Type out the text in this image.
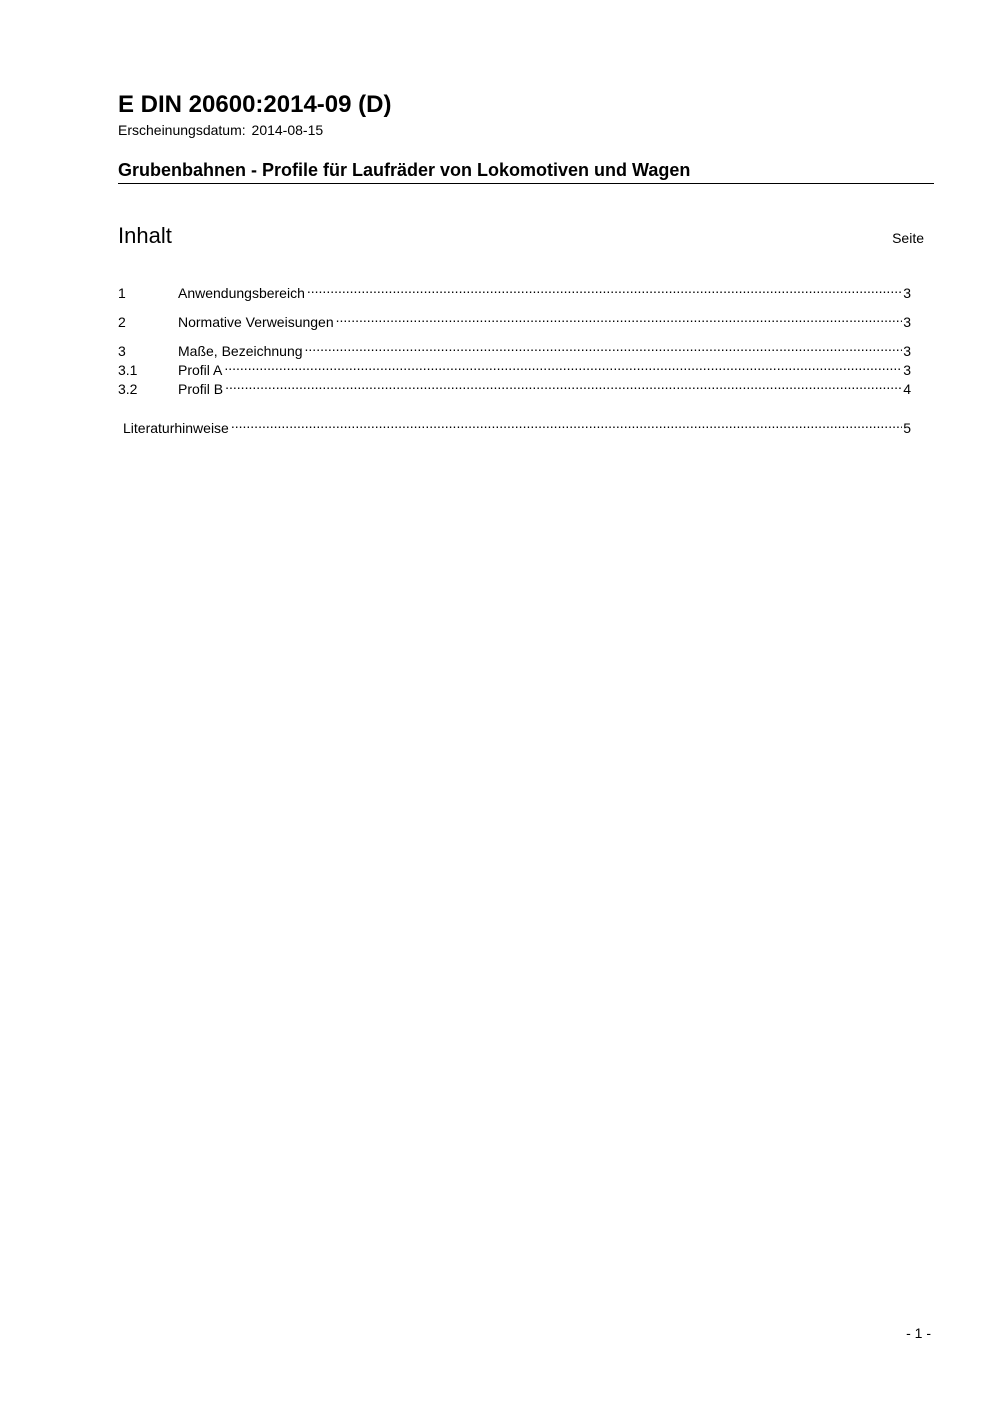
E DIN 20600:2014-09 (D)
Erscheinungsdatum: 2014-08-15
Grubenbahnen - Profile für Laufräder von Lokomotiven und Wagen
Inhalt	Seite
1	Anwendungsbereich .....	3
2	Normative Verweisungen .....	3
3	Maße, Bezeichnung .....	3
3.1	Profil A .....	3
3.2	Profil B .....	4
Literaturhinweise .....	5
- 1 -
